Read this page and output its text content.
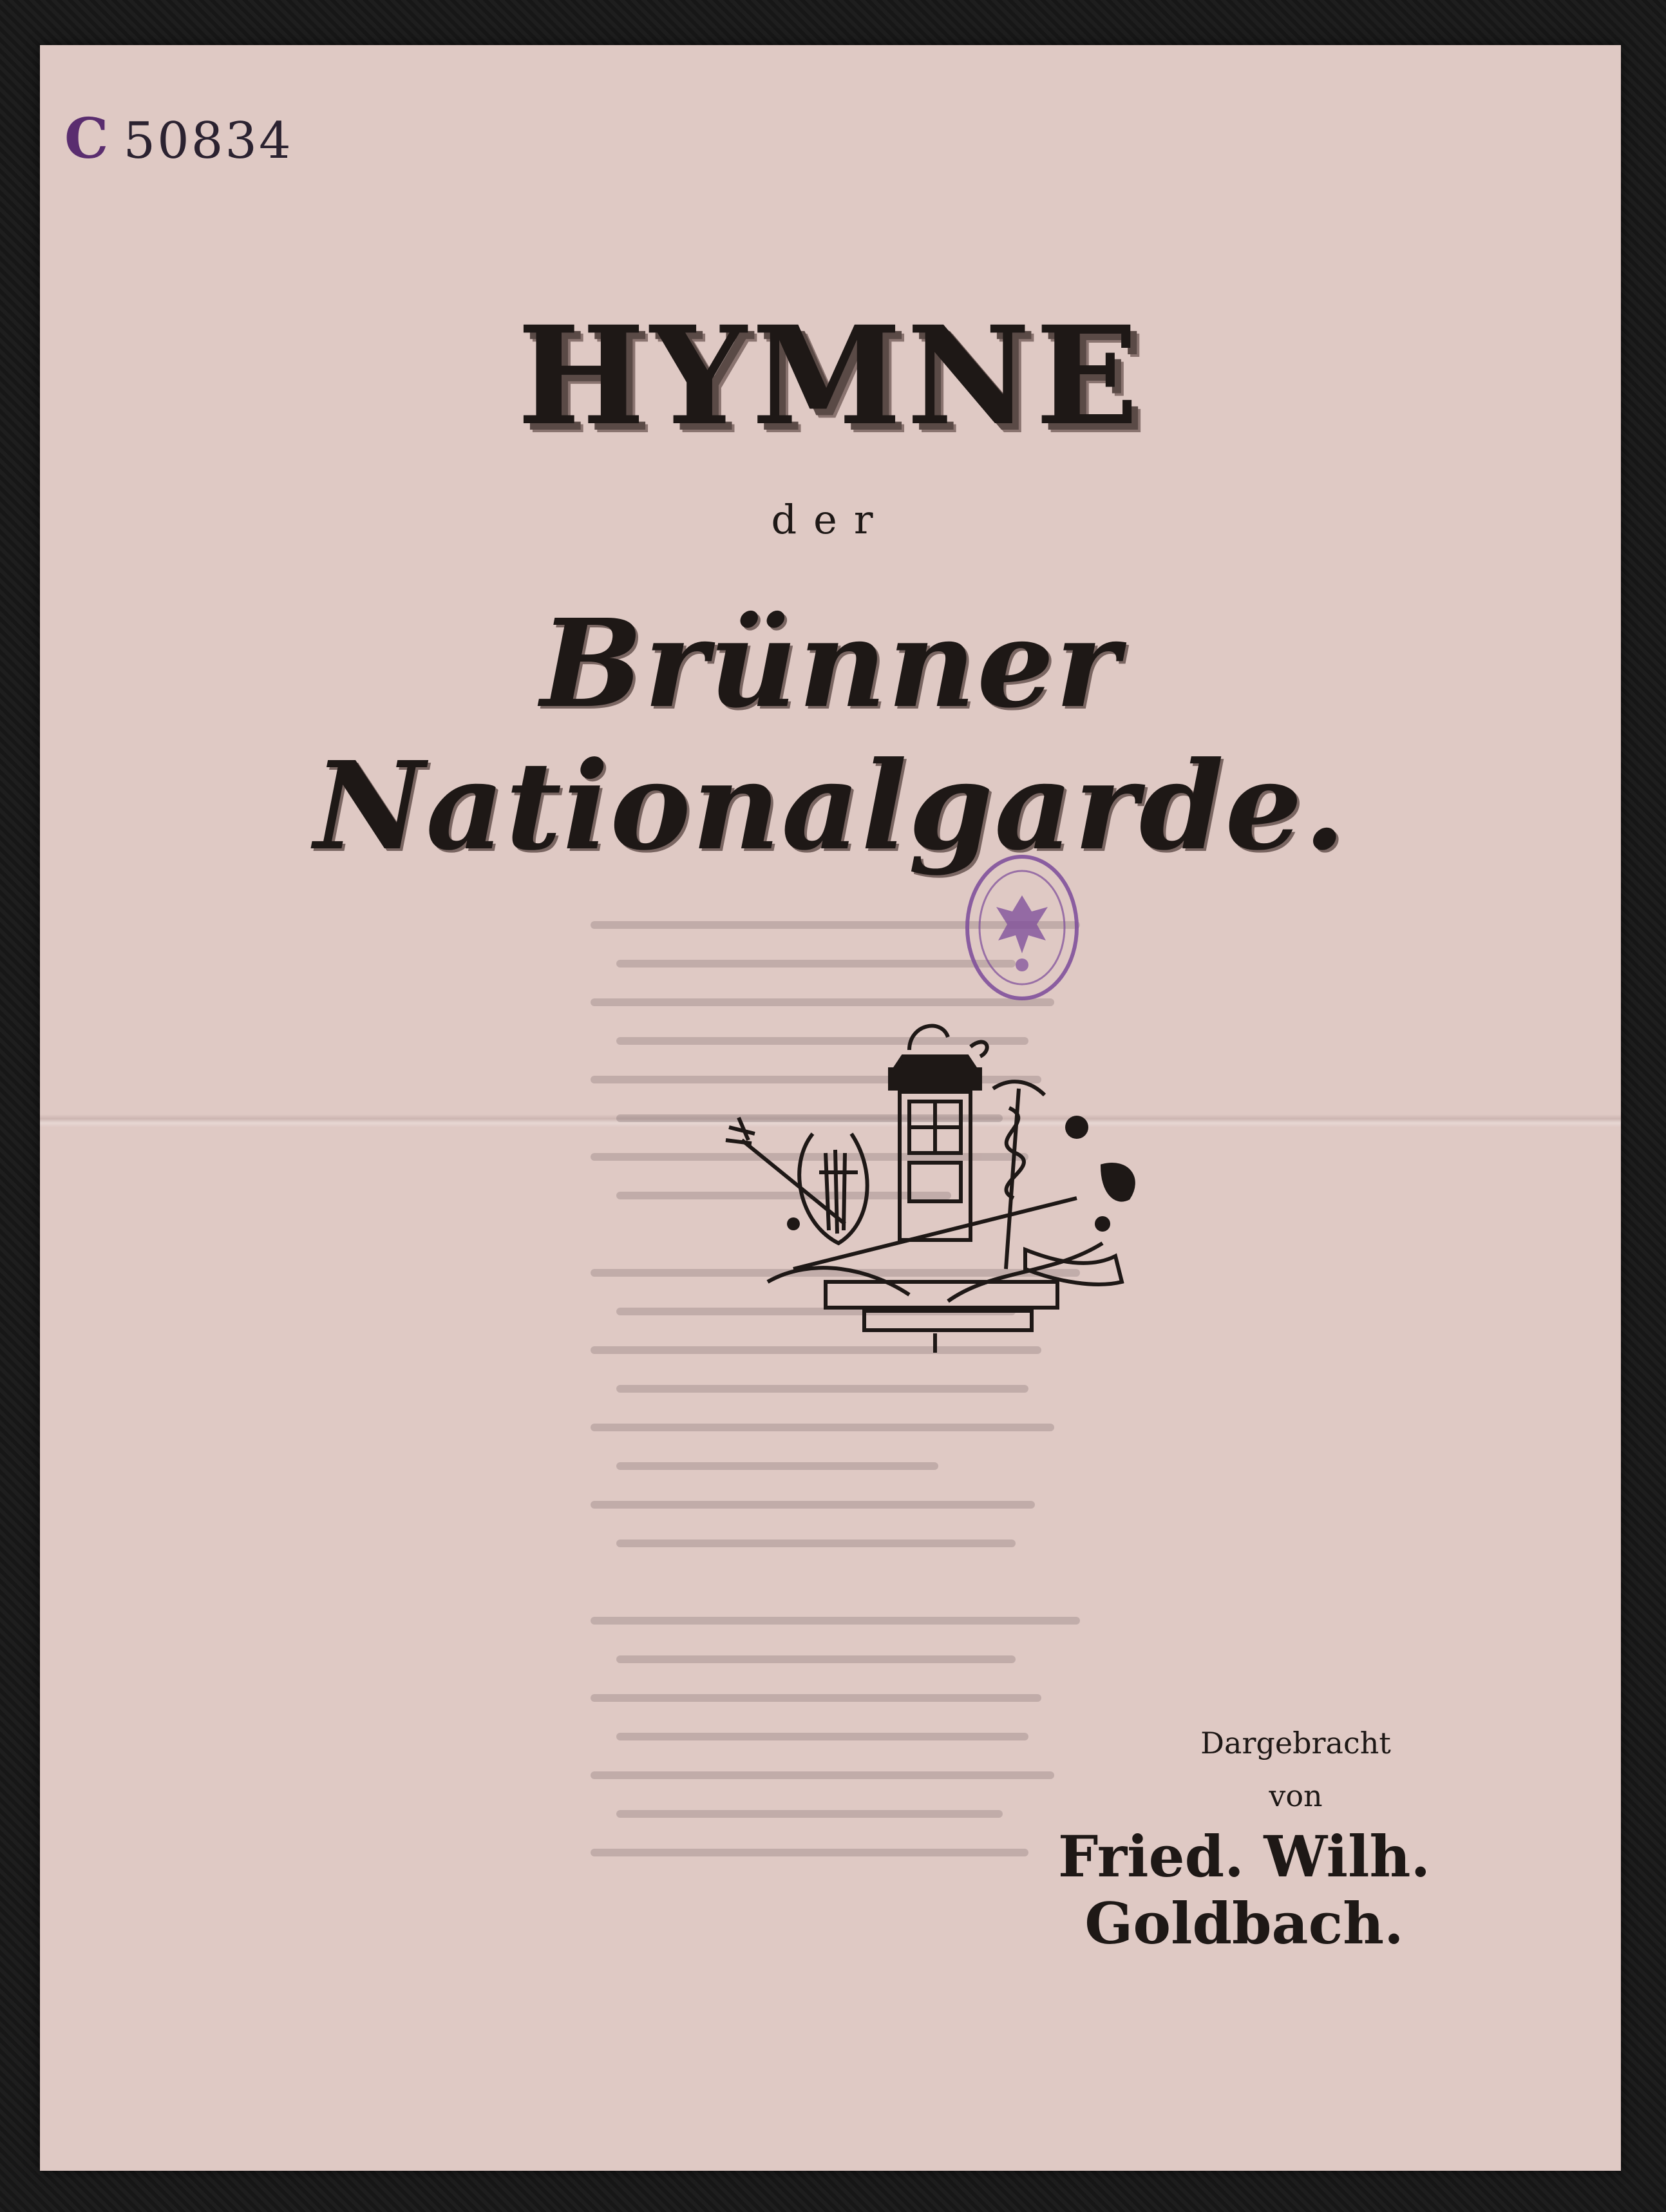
C 50834
HYMNE
der
Brünner Nationalgarde.
Dargebracht
von
Fried. Wilh. Goldbach.
